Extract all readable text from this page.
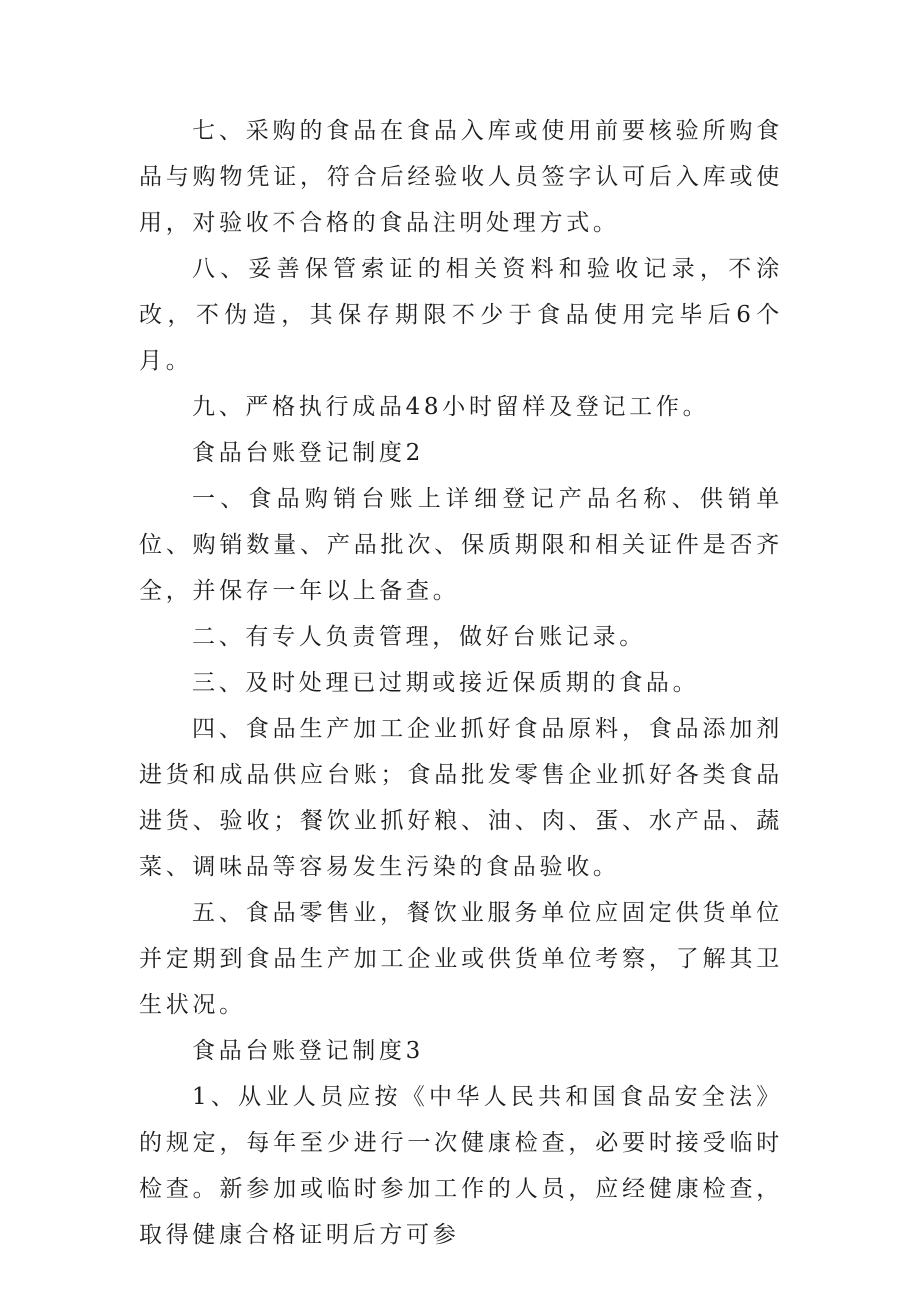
七、采购的食品在食品入库或使用前要核验所购食品与购物凭证，符合后经验收人员签字认可后入库或使用，对验收不合格的食品注明处理方式。

八、妥善保管索证的相关资料和验收记录，不涂改，不伪造，其保存期限不少于食品使用完毕后6个月。

九、严格执行成品48小时留样及登记工作。

食品台账登记制度2

一、食品购销台账上详细登记产品名称、供销单位、购销数量、产品批次、保质期限和相关证件是否齐全，并保存一年以上备查。

二、有专人负责管理，做好台账记录。

三、及时处理已过期或接近保质期的食品。

四、食品生产加工企业抓好食品原料，食品添加剂进货和成品供应台账；食品批发零售企业抓好各类食品进货、验收；餐饮业抓好粮、油、肉、蛋、水产品、蔬菜、调味品等容易发生污染的食品验收。

五、食品零售业，餐饮业服务单位应固定供货单位并定期到食品生产加工企业或供货单位考察，了解其卫生状况。

食品台账登记制度3

1、从业人员应按《中华人民共和国食品安全法》的规定，每年至少进行一次健康检查，必要时接受临时检查。新参加或临时参加工作的人员，应经健康检查，取得健康合格证明后方可参
